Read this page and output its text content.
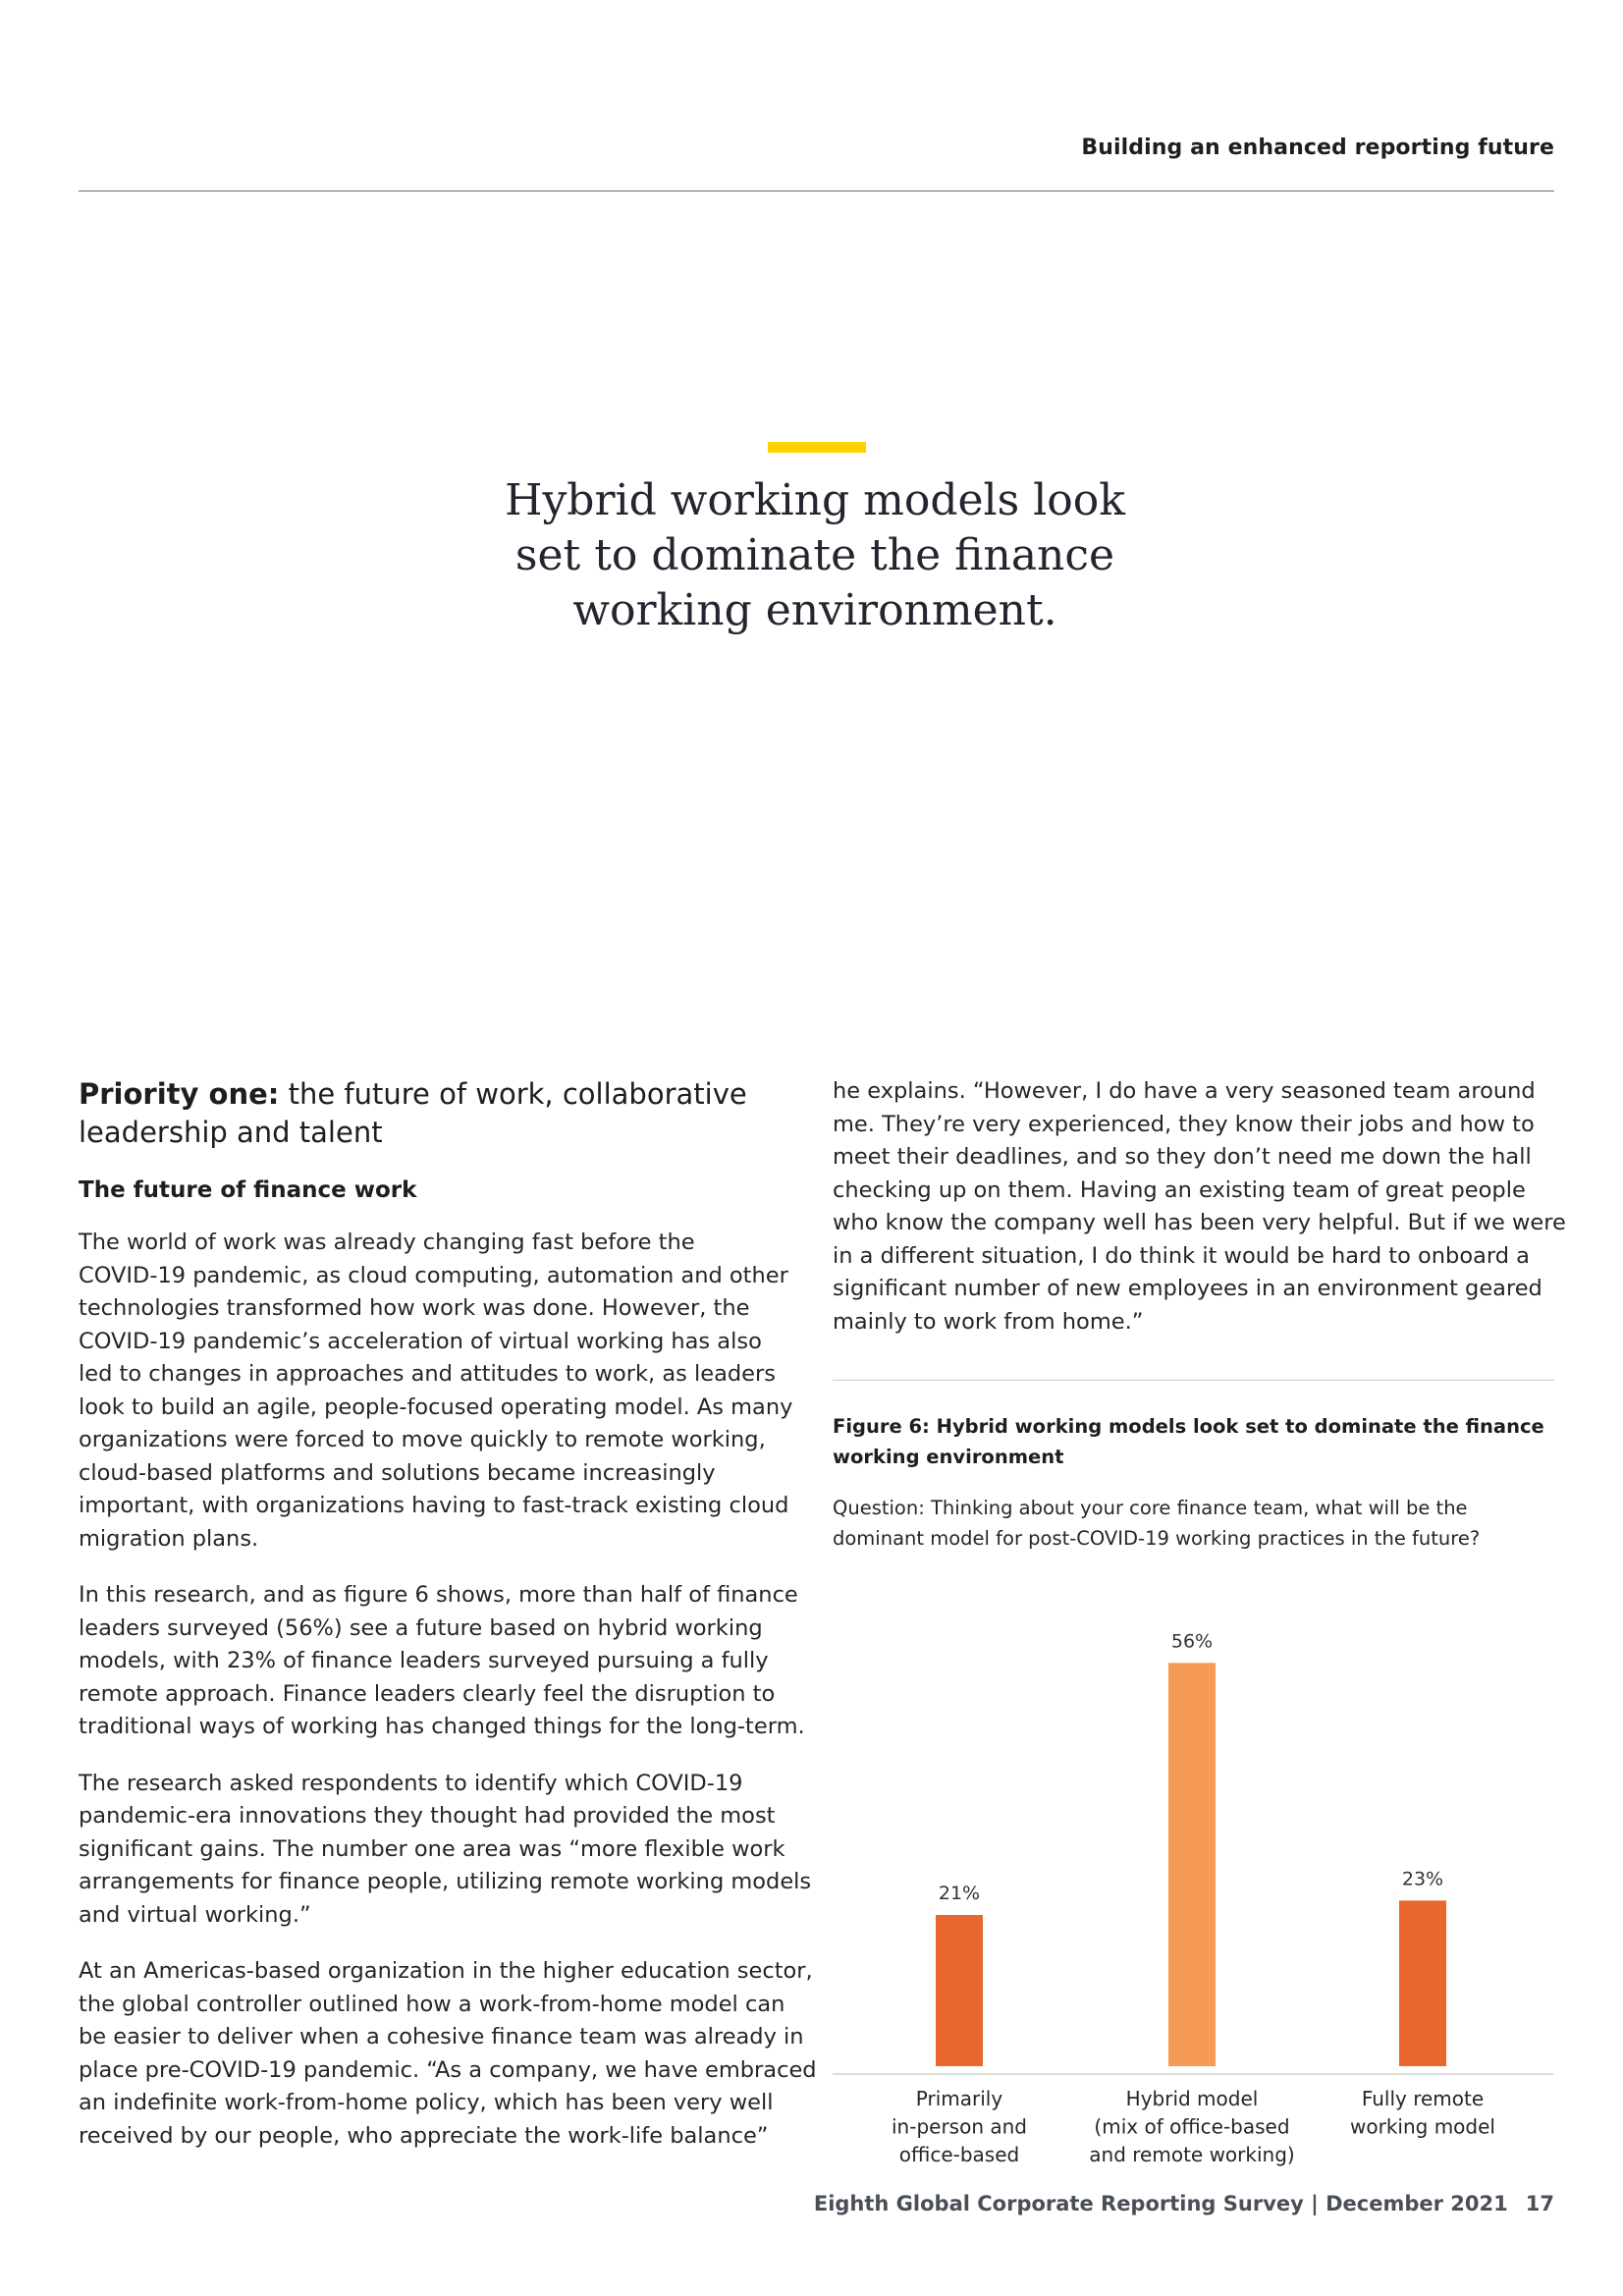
Building an enhanced reporting future
Hybrid working models look
set to dominate the finance
working environment.

Priority one: the future of work, collaborative
leadership and talent

The future of finance work

The world of work was already changing fast before the
COVID-19 pandemic, as cloud computing, automation and other
technologies transformed how work was done. However, the
COVID-19 pandemic’s acceleration of virtual working has also
led to changes in approaches and attitudes to work, as leaders
look to build an agile, people-focused operating model. As many
organizations were forced to move quickly to remote working,
cloud-based platforms and solutions became increasingly
important, with organizations having to fast-track existing cloud
migration plans.

In this research, and as figure 6 shows, more than half of finance
leaders surveyed (56%) see a future based on hybrid working
models, with 23% of finance leaders surveyed pursuing a fully
remote approach. Finance leaders clearly feel the disruption to
traditional ways of working has changed things for the long-term.

The research asked respondents to identify which COVID-19
pandemic-era innovations they thought had provided the most
significant gains. The number one area was “more flexible work
arrangements for finance people, utilizing remote working models
and virtual working.”

At an Americas-based organization in the higher education sector,
the global controller outlined how a work-from-home model can
be easier to deliver when a cohesive finance team was already in
place pre-COVID-19 pandemic. “As a company, we have embraced
an indefinite work-from-home policy, which has been very well
received by our people, who appreciate the work-life balance”

he explains. “However, I do have a very seasoned team around
me. They’re very experienced, they know their jobs and how to
meet their deadlines, and so they don’t need me down the hall
checking up on them. Having an existing team of great people
who know the company well has been very helpful. But if we were
in a different situation, I do think it would be hard to onboard a
significant number of new employees in an environment geared
mainly to work from home.”

Figure 6: Hybrid working models look set to dominate the finance
working environment
Question: Thinking about your core finance team, what will be the
dominant model for post-COVID-19 working practices in the future?
21%
Primarily
in-person and
office-based
56%
Hybrid model
(mix of office-based
and remote working)
23%
Fully remote
working model
Eighth Global Corporate Reporting Survey | December 2021 17
